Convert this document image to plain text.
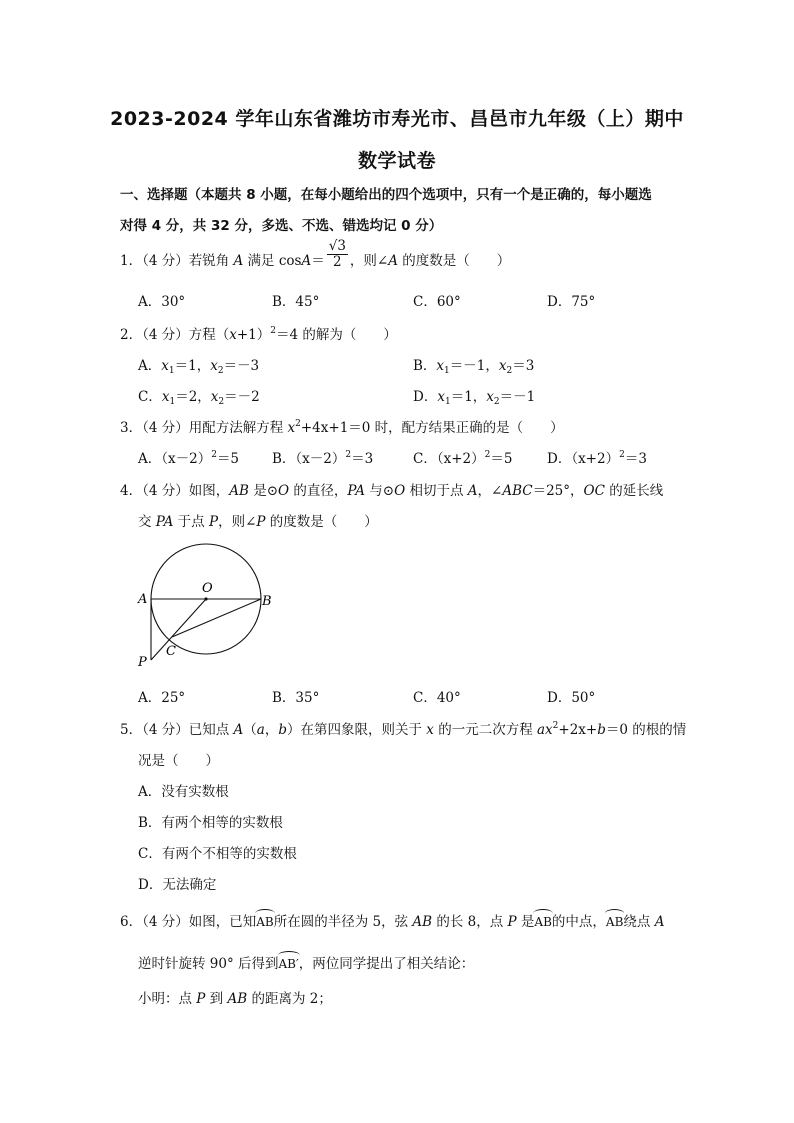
2023-2024 学年山东省潍坊市寿光市、昌邑市九年级（上）期中
数学试卷
一、选择题（本题共 8 小题，在每小题给出的四个选项中，只有一个是正确的，每小题选
对得 4 分，共 32 分，多选、不选、错选均记 0 分）
1．（4 分）若锐角 A 满足 $\cos A= \frac{√3}{2}$ ，则∠A 的度数是（　　）
A．30°	B．45°	C．60°	D．75°
2．（4 分）方程$(x+1)^2=4$ 的解为（　　）
A．$x_1=1$，$x_2=-3$	B．$x_1=-1$，$x_2=3$
C．$x_1=2$，$x_2=-2$	D．$x_1=1$，$x_2=-1$
3．（4 分）用配方法解方程 $x^2+4x+1=0$ 时，配方结果正确的是（　　）
A．$(x-2)^2=5$ B．$(x-2)^2=3$	C．$(x+2)^2=5$	D．$(x+2)^2=3$
4．（4 分）如图，AB 是⊙O 的直径，PA 与⊙O 相切于点 A，∠ABC＝25°，OC 的延长线
交 PA 于点 P，则∠P 的度数是（　　）
O
A	B
C
P
A．25°	B．35°	C．40°	D．50°
5．（4 分）已知点 A（a，b）在第四象限，则关于 x 的一元二次方程 $ax^2+2x+b=0$ 的根的情
况是（　　）
A．没有实数根
B．有两个相等的实数根
C．有两个不相等的实数根
D．无法确定
6．（4 分）如图，已知AB所在圆的半径为 5，弦 AB 的长 8，点 P 是AB的中点，AB绕点 A
逆时针旋转 90° 后得到AB′，两位同学提出了相关结论：
小明：点 P 到 AB 的距离为 2；
